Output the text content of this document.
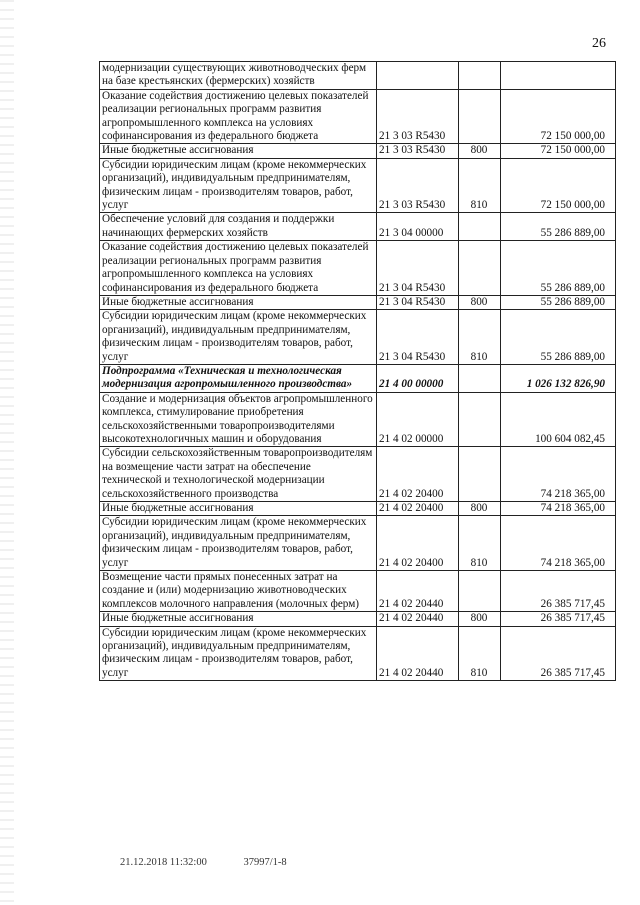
26
модернизации существующих животноводческих ферм на базе крестьянских (фермерских) хозяйств			
Оказание содействия достижению целевых показателей реализации региональных программ развития агропромышленного комплекса на условиях софинансирования из федерального бюджета	21 3 03 R5430		72 150 000,00
Иные бюджетные ассигнования	21 3 03 R5430	800	72 150 000,00
Субсидии юридическим лицам (кроме некоммерческих организаций), индивидуальным предпринимателям, физическим лицам - производителям товаров, работ, услуг	21 3 03 R5430	810	72 150 000,00
Обеспечение условий для создания и поддержки начинающих фермерских хозяйств	21 3 04 00000		55 286 889,00
Оказание содействия достижению целевых показателей реализации региональных программ развития агропромышленного комплекса на условиях софинансирования из федерального бюджета	21 3 04 R5430		55 286 889,00
Иные бюджетные ассигнования	21 3 04 R5430	800	55 286 889,00
Субсидии юридическим лицам (кроме некоммерческих организаций), индивидуальным предпринимателям, физическим лицам - производителям товаров, работ, услуг	21 3 04 R5430	810	55 286 889,00
Подпрограмма «Техническая и технологическая модернизация агропромышленного производства»	21 4 00 00000		1 026 132 826,90
Создание и модернизация объектов агропромышленного комплекса, стимулирование приобретения сельскохозяйственными товаропроизводителями высокотехнологичных машин и оборудования	21 4 02 00000		100 604 082,45
Субсидии сельскохозяйственным товаропроизводителям на возмещение части затрат на обеспечение технической и технологической модернизации сельскохозяйственного производства	21 4 02 20400		74 218 365,00
Иные бюджетные ассигнования	21 4 02 20400	800	74 218 365,00
Субсидии юридическим лицам (кроме некоммерческих организаций), индивидуальным предпринимателям, физическим лицам - производителям товаров, работ, услуг	21 4 02 20400	810	74 218 365,00
Возмещение части прямых понесенных затрат на создание и (или) модернизацию животноводческих комплексов молочного направления (молочных ферм)	21 4 02 20440		26 385 717,45
Иные бюджетные ассигнования	21 4 02 20440	800	26 385 717,45
Субсидии юридическим лицам (кроме некоммерческих организаций), индивидуальным предпринимателям, физическим лицам - производителям товаров, работ, услуг	21 4 02 20440	810	26 385 717,45
21.12.2018 11:32:00	37997/1-8
